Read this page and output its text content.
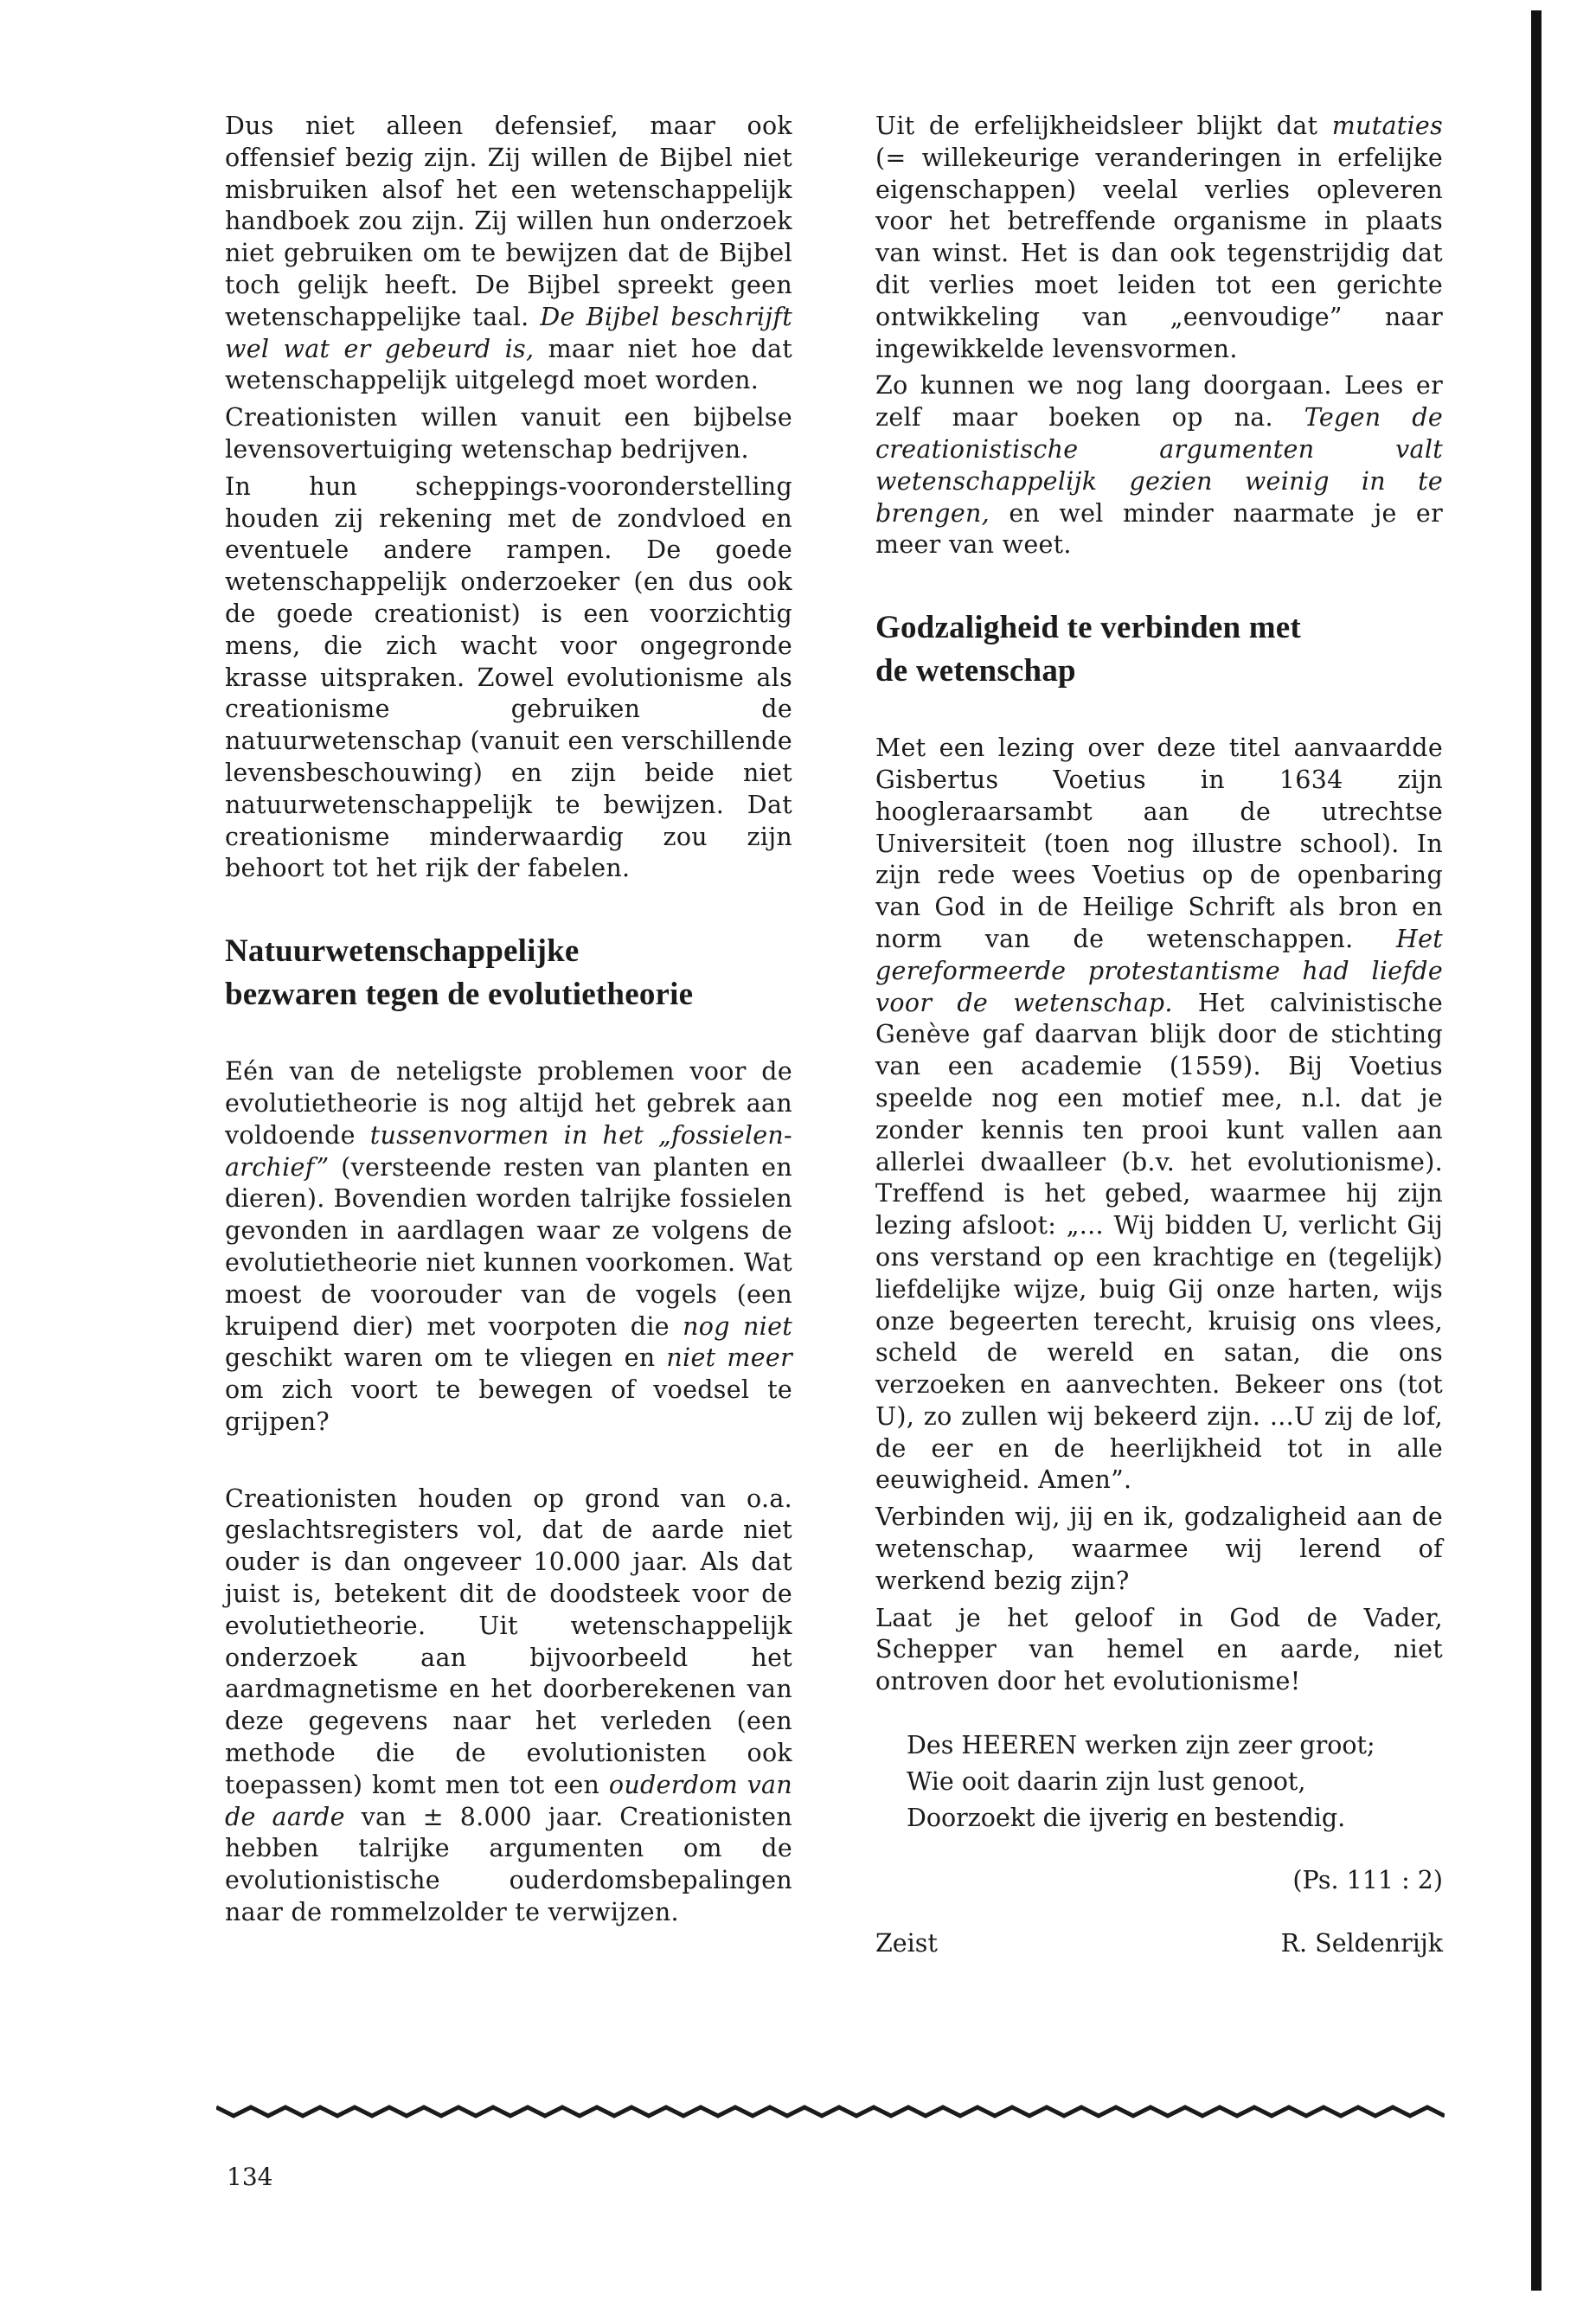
Dus niet alleen defensief, maar ook offensief bezig zijn. Zij willen de Bijbel niet misbruiken alsof het een wetenschappelijk handboek zou zijn. Zij willen hun onderzoek niet gebruiken om te bewijzen dat de Bijbel toch gelijk heeft. De Bijbel spreekt geen wetenschappelijke taal. De Bijbel beschrijft wel wat er gebeurd is, maar niet hoe dat wetenschappelijk uitgelegd moet worden.

Creationisten willen vanuit een bijbelse levensovertuiging wetenschap bedrijven.

In hun scheppings-vooronderstelling houden zij rekening met de zondvloed en eventuele andere rampen. De goede wetenschappelijk onderzoeker (en dus ook de goede creationist) is een voorzichtig mens, die zich wacht voor ongegronde krasse uitspraken. Zowel evolutionisme als creationisme gebruiken de natuurwetenschap (vanuit een verschillende levensbeschouwing) en zijn beide niet natuurwetenschappelijk te bewijzen. Dat creationisme minderwaardig zou zijn behoort tot het rijk der fabelen.

Natuurwetenschappelijke
bezwaren tegen de evolutietheorie

Eén van de neteligste problemen voor de evolutietheorie is nog altijd het gebrek aan voldoende tussenvormen in het „fossielen-archief” (versteende resten van planten en dieren). Bovendien worden talrijke fossielen gevonden in aardlagen waar ze volgens de evolutietheorie niet kunnen voorkomen. Wat moest de voorouder van de vogels (een kruipend dier) met voorpoten die nog niet geschikt waren om te vliegen en niet meer om zich voort te bewegen of voedsel te grijpen?

Creationisten houden op grond van o.a. geslachtsregisters vol, dat de aarde niet ouder is dan ongeveer 10.000 jaar. Als dat juist is, betekent dit de doodsteek voor de evolutietheorie. Uit wetenschappelijk onderzoek aan bijvoorbeeld het aardmagnetisme en het doorberekenen van deze gegevens naar het verleden (een methode die de evolutionisten ook toepassen) komt men tot een ouderdom van de aarde van ± 8.000 jaar. Creationisten hebben talrijke argumenten om de evolutionistische ouderdomsbepalingen naar de rommelzolder te verwijzen.

Uit de erfelijkheidsleer blijkt dat mutaties (= willekeurige veranderingen in erfelijke eigenschappen) veelal verlies opleveren voor het betreffende organisme in plaats van winst. Het is dan ook tegenstrijdig dat dit verlies moet leiden tot een gerichte ontwikkeling van „eenvoudige” naar ingewikkelde levensvormen.

Zo kunnen we nog lang doorgaan. Lees er zelf maar boeken op na. Tegen de creationistische argumenten valt wetenschappelijk gezien weinig in te brengen, en wel minder naarmate je er meer van weet.

Godzaligheid te verbinden met
de wetenschap

Met een lezing over deze titel aanvaardde Gisbertus Voetius in 1634 zijn hoogleraarsambt aan de utrechtse Universiteit (toen nog illustre school). In zijn rede wees Voetius op de openbaring van God in de Heilige Schrift als bron en norm van de wetenschappen. Het gereformeerde protestantisme had liefde voor de wetenschap. Het calvinistische Genève gaf daarvan blijk door de stichting van een academie (1559). Bij Voetius speelde nog een motief mee, n.l. dat je zonder kennis ten prooi kunt vallen aan allerlei dwaalleer (b.v. het evolutionisme). Treffend is het gebed, waarmee hij zijn lezing afsloot: „... Wij bidden U, verlicht Gij ons verstand op een krachtige en (tegelijk) liefdelijke wijze, buig Gij onze harten, wijs onze begeerten terecht, kruisig ons vlees, scheld de wereld en satan, die ons verzoeken en aanvechten. Bekeer ons (tot U), zo zullen wij bekeerd zijn. ...U zij de lof, de eer en de heerlijkheid tot in alle eeuwigheid. Amen”.

Verbinden wij, jij en ik, godzaligheid aan de wetenschap, waarmee wij lerend of werkend bezig zijn?

Laat je het geloof in God de Vader, Schepper van hemel en aarde, niet ontroven door het evolutionisme!

Des HEEREN werken zijn zeer groot;
Wie ooit daarin zijn lust genoot,
Doorzoekt die ijverig en bestendig.
(Ps. 111 : 2)
Zeist	R. Seldenrijk
134
